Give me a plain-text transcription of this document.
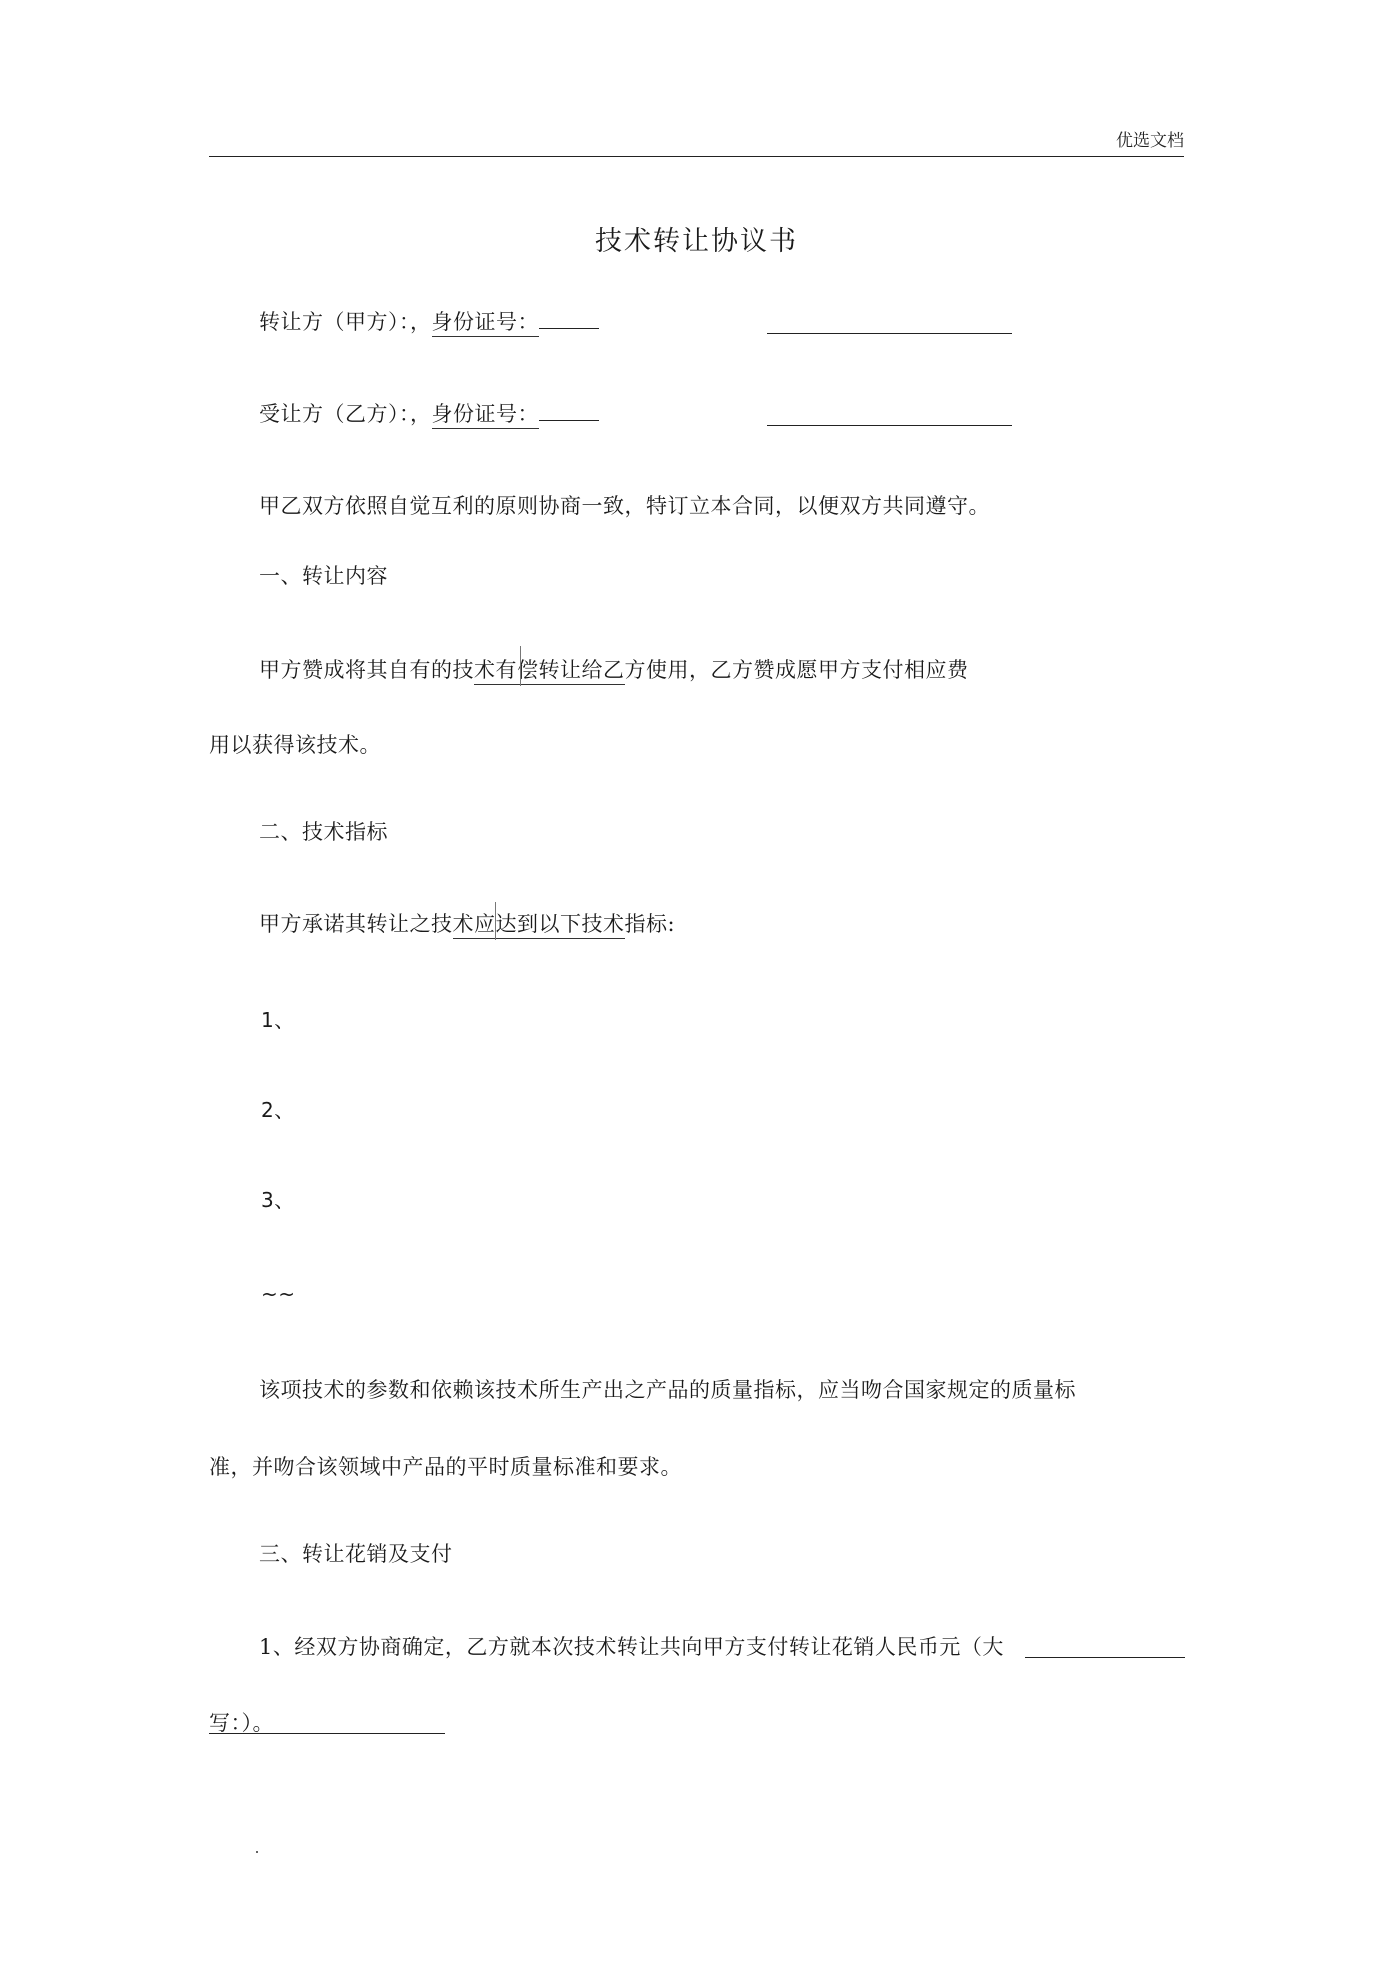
优选文档
技术转让协议书
转让方（甲方）：，身份证号：
受让方（乙方）：，身份证号：
甲乙双方依照自觉互利的原则协商一致，特订立本合同，以便双方共同遵守。
一、转让内容
甲方赞成将其自有的技术有偿转让给乙方使用，乙方赞成愿甲方支付相应费
用以获得该技术。
二、技术指标
甲方承诺其转让之技术应达到以下技术指标:
1、
2、
3、
~~
该项技术的参数和依赖该技术所生产出之产品的质量指标，应当吻合国家规定的质量标
准，并吻合该领域中产品的平时质量标准和要求。
三、转让花销及支付
1、经双方协商确定，乙方就本次技术转让共向甲方支付转让花销人民币元（大
写：）。
